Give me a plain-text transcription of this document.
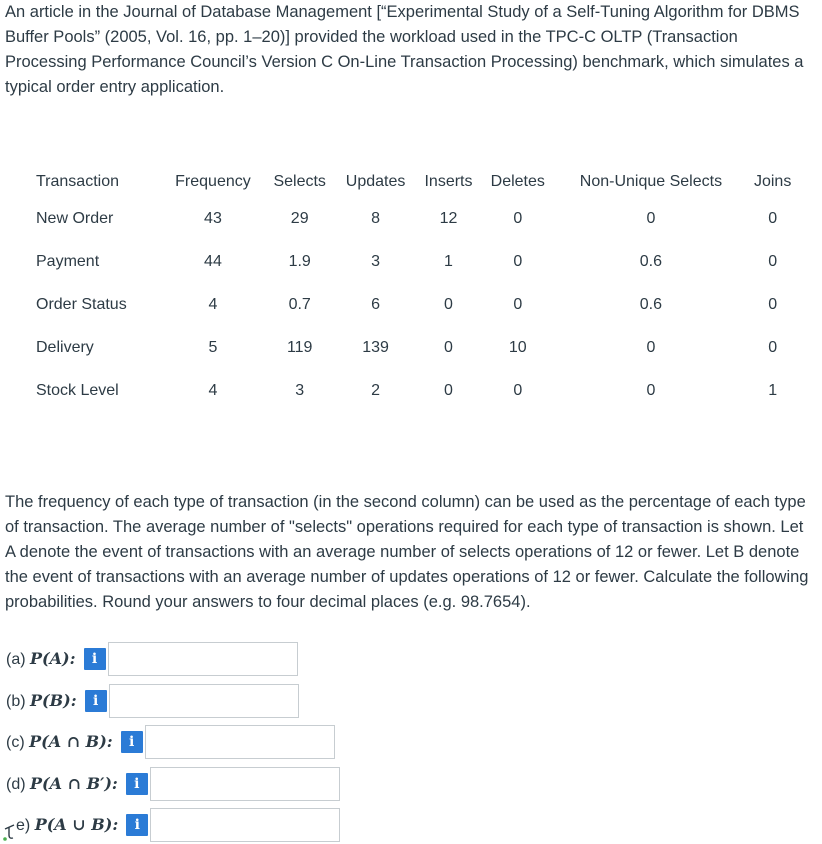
An article in the Journal of Database Management [“Experimental Study of a Self-Tuning Algorithm for DBMS Buffer Pools” (2005, Vol. 16, pp. 1–20)] provided the workload used in the TPC-C OLTP (Transaction Processing Performance Council’s Version C On-Line Transaction Processing) benchmark, which simulates a typical order entry application.
Transaction	Frequency	Selects	Updates	Inserts	Deletes	Non-Unique Selects	Joins
New Order	43	29	8	12	0	0	0
Payment	44	1.9	3	1	0	0.6	0
Order Status	4	0.7	6	0	0	0.6	0
Delivery	5	119	139	0	10	0	0
Stock Level	4	3	2	0	0	0	1
The frequency of each type of transaction (in the second column) can be used as the percentage of each type of transaction. The average number of "selects" operations required for each type of transaction is shown. Let A denote the event of transactions with an average number of selects operations of 12 or fewer. Let B denote the event of transactions with an average number of updates operations of 12 or fewer. Calculate the following probabilities. Round your answers to four decimal places (e.g. 98.7654).
(a) P(A):	i
(b) P(B):	i
(c) P(A ∩ B):	i
(d) P(A ∩ B′):	i
e) P(A ∪ B):	i
